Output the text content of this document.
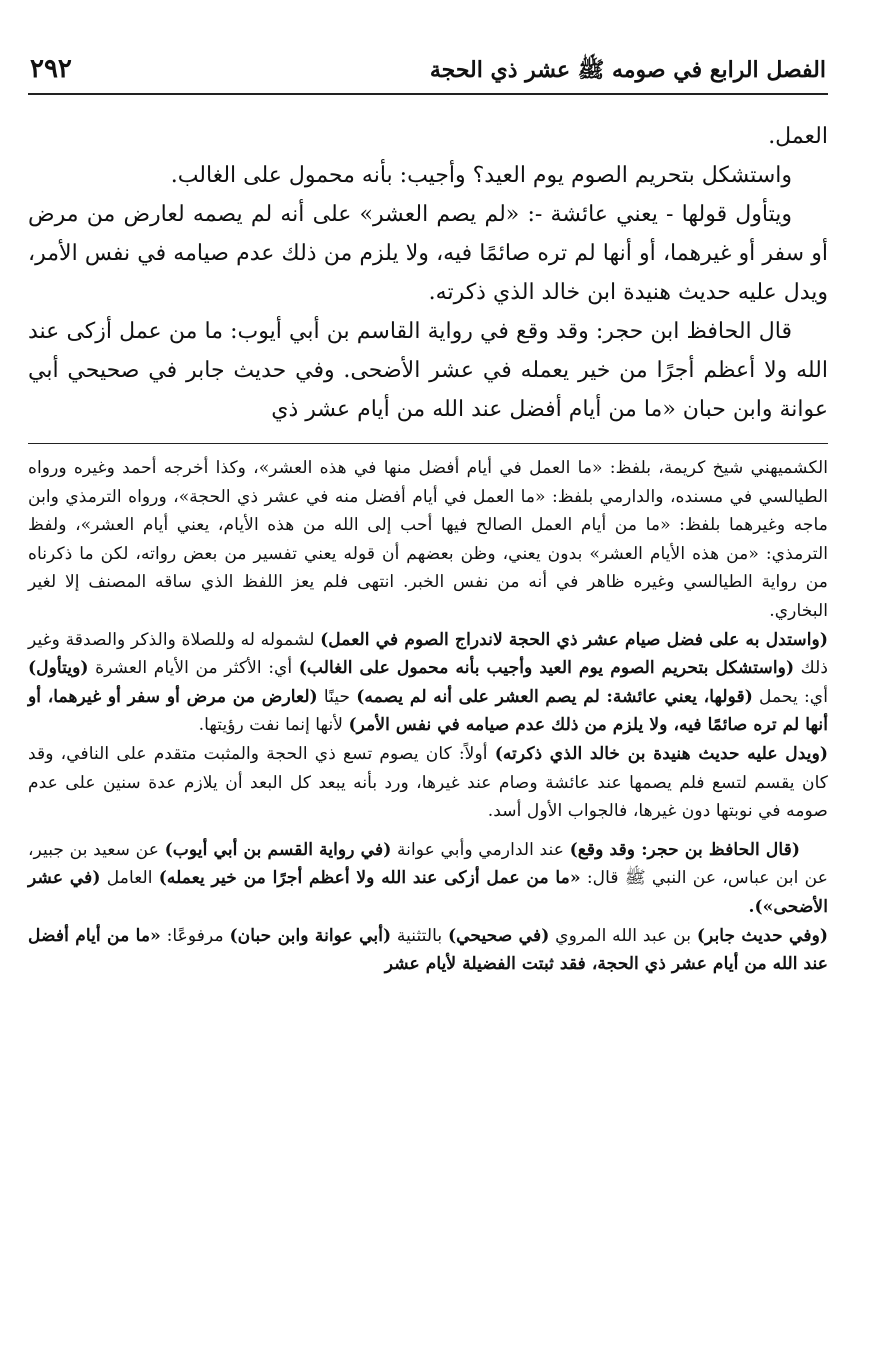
الفصل الرابع في صومه ﷺ عشر ذي الحجة
٢٩٢

العمل.

واستشكل بتحريم الصوم يوم العيد؟ وأجيب: بأنه محمول على الغالب.

ويتأول قولها - يعني عائشة -: «لم يصم العشر» على أنه لم يصمه لعارض من مرض أو سفر أو غيرهما، أو أنها لم تره صائمًا فيه، ولا يلزم من ذلك عدم صيامه في نفس الأمر، ويدل عليه حديث هنيدة ابن خالد الذي ذكرته.

قال الحافظ ابن حجر: وقد وقع في رواية القاسم بن أبي أيوب: ما من عمل أزكى عند الله ولا أعظم أجرًا من خير يعمله في عشر الأضحى. وفي حديث جابر في صحيحي أبي عوانة وابن حبان «ما من أيام أفضل عند الله من أيام عشر ذي

الكشميهني شيخ كريمة، بلفظ: «ما العمل في أيام أفضل منها في هذه العشر»، وكذا أخرجه أحمد وغيره ورواه الطيالسي في مسنده، والدارمي بلفظ: «ما العمل في أيام أفضل منه في عشر ذي الحجة»، ورواه الترمذي وابن ماجه وغيرهما بلفظ: «ما من أيام العمل الصالح فيها أحب إلى الله من هذه الأيام، يعني أيام العشر»، ولفظ الترمذي: «من هذه الأيام العشر» بدون يعني، وظن بعضهم أن قوله يعني تفسير من بعض رواته، لكن ما ذكرناه من رواية الطيالسي وغيره ظاهر في أنه من نفس الخبر. انتهى فلم يعز اللفظ الذي ساقه المصنف إلا لغير البخاري.

(واستدل به على فضل صيام عشر ذي الحجة لاندراج الصوم في العمل) لشموله له وللصلاة والذكر والصدقة وغير ذلك (واستشكل بتحريم الصوم يوم العيد وأجيب بأنه محمول على الغالب) أي: الأكثر من الأيام العشرة (ويتأول) أي: يحمل (قولها، يعني عائشة: لم يصم العشر على أنه لم يصمه) حينًا (لعارض من مرض أو سفر أو غيرهما، أو أنها لم تره صائمًا فيه، ولا يلزم من ذلك عدم صيامه في نفس الأمر) لأنها إنما نفت رؤيتها.

(ويدل عليه حديث هنيدة بن خالد الذي ذكرته) أولاً: كان يصوم تسع ذي الحجة والمثبت متقدم على النافي، وقد كان يقسم لتسع فلم يصمها عند عائشة وصام عند غيرها، ورد بأنه يبعد كل البعد أن يلازم عدة سنين على عدم صومه في نوبتها دون غيرها، فالجواب الأول أسد.

(قال الحافظ بن حجر: وقد وقع) عند الدارمي وأبي عوانة (في رواية القسم بن أبي أيوب) عن سعيد بن جبير، عن ابن عباس، عن النبي ﷺ قال: «ما من عمل أزكى عند الله ولا أعظم أجرًا من خير يعمله) العامل (في عشر الأضحى»).

(وفي حديث جابر) بن عبد الله المروي (في صحيحي) بالتثنية (أبي عوانة وابن حبان) مرفوعًا: «ما من أيام أفضل عند الله من أيام عشر ذي الحجة، فقد ثبتت الفضيلة لأيام عشر
